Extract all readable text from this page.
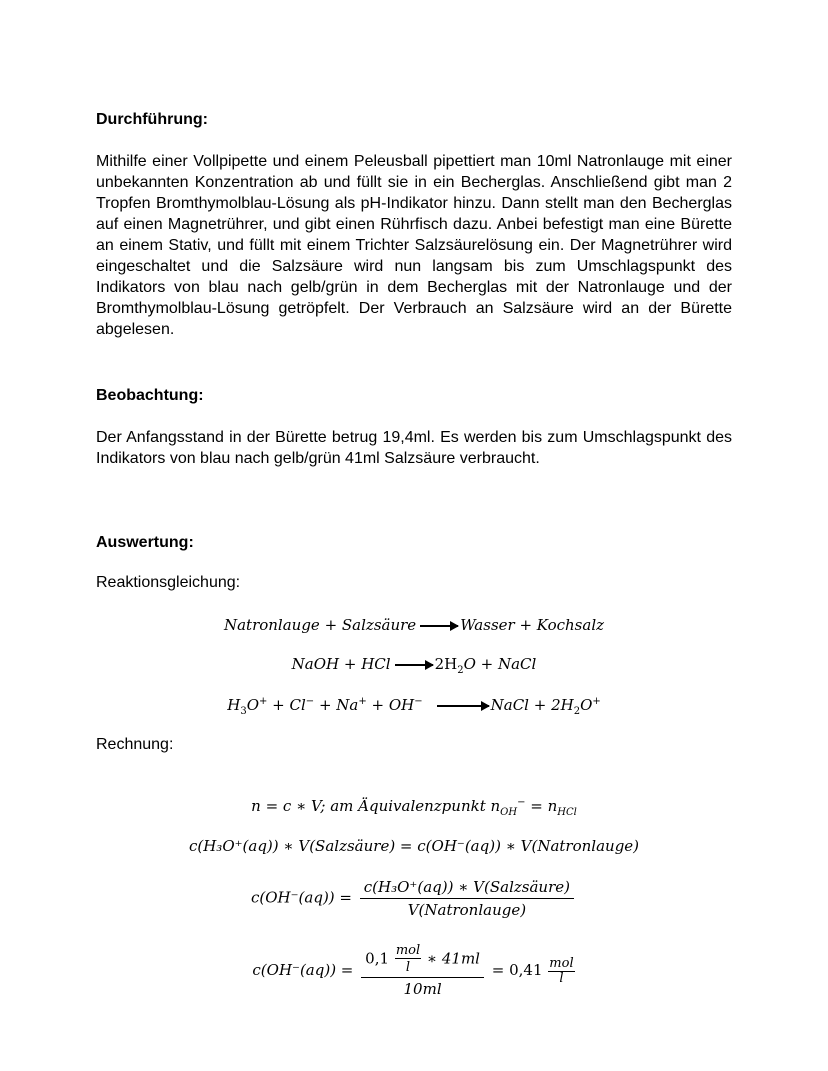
Durchführung:

Mithilfe einer Vollpipette und einem Peleusball pipettiert man 10ml Natronlauge mit einer unbekannten Konzentration ab und füllt sie in ein Becherglas. Anschließend gibt man 2 Tropfen Bromthymolblau-Lösung als pH-Indikator hinzu. Dann stellt man den Becherglas auf einen Magnetrührer, und gibt einen Rührfisch dazu. Anbei befestigt man eine Bürette an einem Stativ, und füllt mit einem Trichter Salzsäurelösung ein. Der Magnetrührer wird eingeschaltet und die Salzsäure wird nun langsam bis zum Umschlagspunkt des Indikators von blau nach gelb/grün in dem Becherglas mit der Natronlauge und der Bromthymolblau-Lösung getröpfelt. Der Verbrauch an Salzsäure wird an der Bürette abgelesen.

Beobachtung:

Der Anfangsstand in der Bürette betrug 19,4ml. Es werden bis zum Umschlagspunkt des Indikators von blau nach gelb/grün 41ml Salzsäure verbraucht.

Auswertung:
Reaktionsgleichung:
Natronlauge + Salzsäure → Wasser + Kochsalz
NaOH + HCl → $2H_2O$ + NaCl
$H_3O^+ + Cl^- + Na^+ + OH^-$ → NaCl + $2H_2O^+$
Rechnung:
n = c ∗ V; am Äquivalenzpunkt $n_{OH}^- = n_{HCl}$
c(H₃O⁺(aq)) ∗ V(Salzsäure) = c(OH⁻(aq)) ∗ V(Natronlauge)
$c(OH^-(aq)) = \frac{\text{c(H₃O⁺(aq)) ∗ V(Salzsäure)}}{\text{V(Natronlauge)}}$
$c(OH^-(aq)) = \frac{0,1 \frac{\text{mol}}{l} ∗ 41ml}{10ml} = 0,41 \frac{\text{mol}}{l}$
